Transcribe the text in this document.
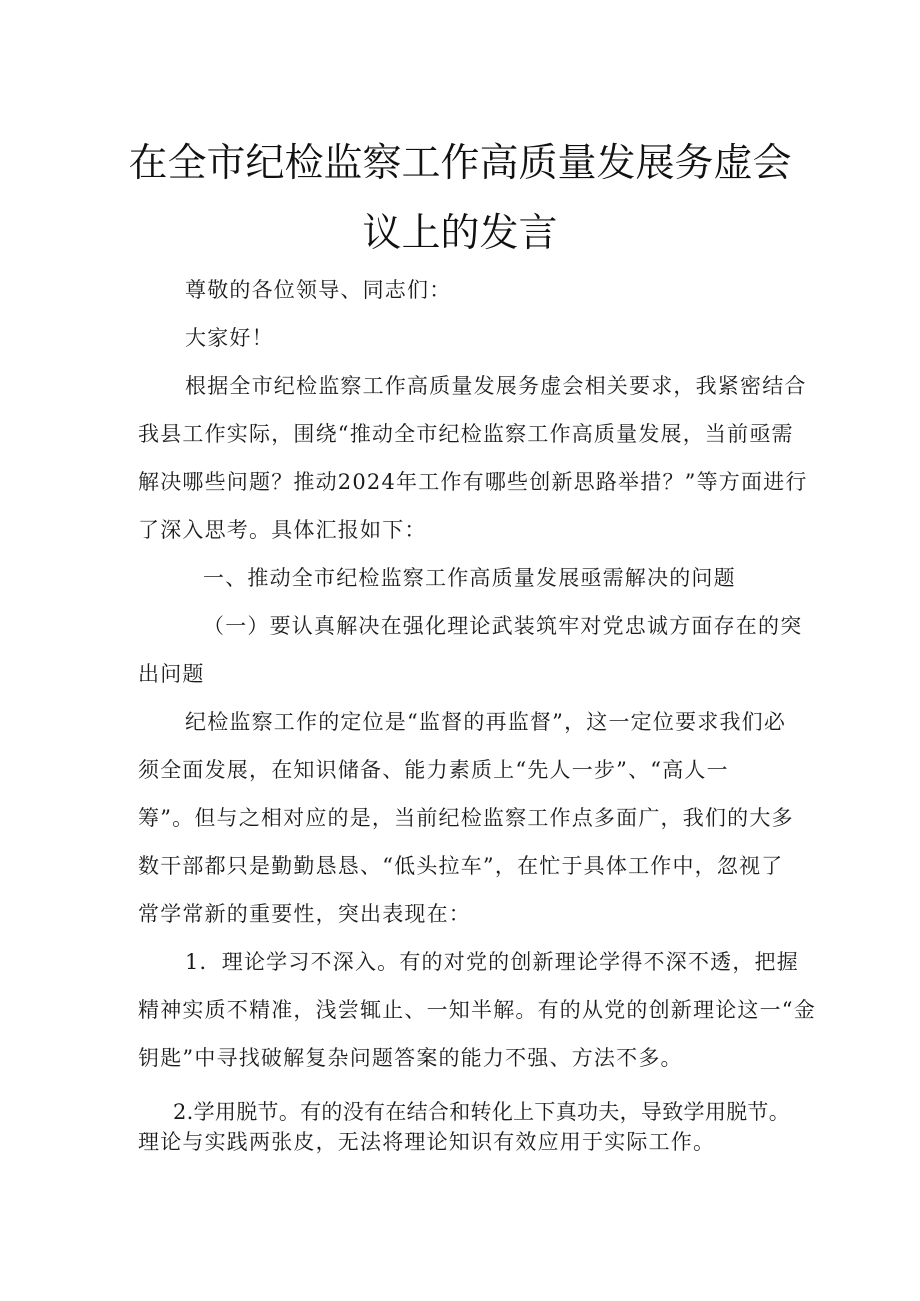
在全市纪检监察工作高质量发展务虚会
议上的发言
尊敬的各位领导、同志们：
大家好！
根据全市纪检监察工作高质量发展务虚会相关要求，我紧密结合
我县工作实际，围绕“推动全市纪检监察工作高质量发展，当前亟需
解决哪些问题？推动2024年工作有哪些创新思路举措？”等方面进行
了深入思考。具体汇报如下：
一、推动全市纪检监察工作高质量发展亟需解决的问题
（一）要认真解决在强化理论武装筑牢对党忠诚方面存在的突
出问题
纪检监察工作的定位是“监督的再监督”，这一定位要求我们必
须全面发展，在知识储备、能力素质上“先人一步”、“高人一
筹”。但与之相对应的是，当前纪检监察工作点多面广，我们的大多
数干部都只是勤勤恳恳、“低头拉车”，在忙于具体工作中，忽视了
常学常新的重要性，突出表现在：
1．理论学习不深入。有的对党的创新理论学得不深不透，把握
精神实质不精准，浅尝辄止、一知半解。有的从党的创新理论这一“金
钥匙”中寻找破解复杂问题答案的能力不强、方法不多。
2.学用脱节。有的没有在结合和转化上下真功夫，导致学用脱节。
理论与实践两张皮，无法将理论知识有效应用于实际工作。
